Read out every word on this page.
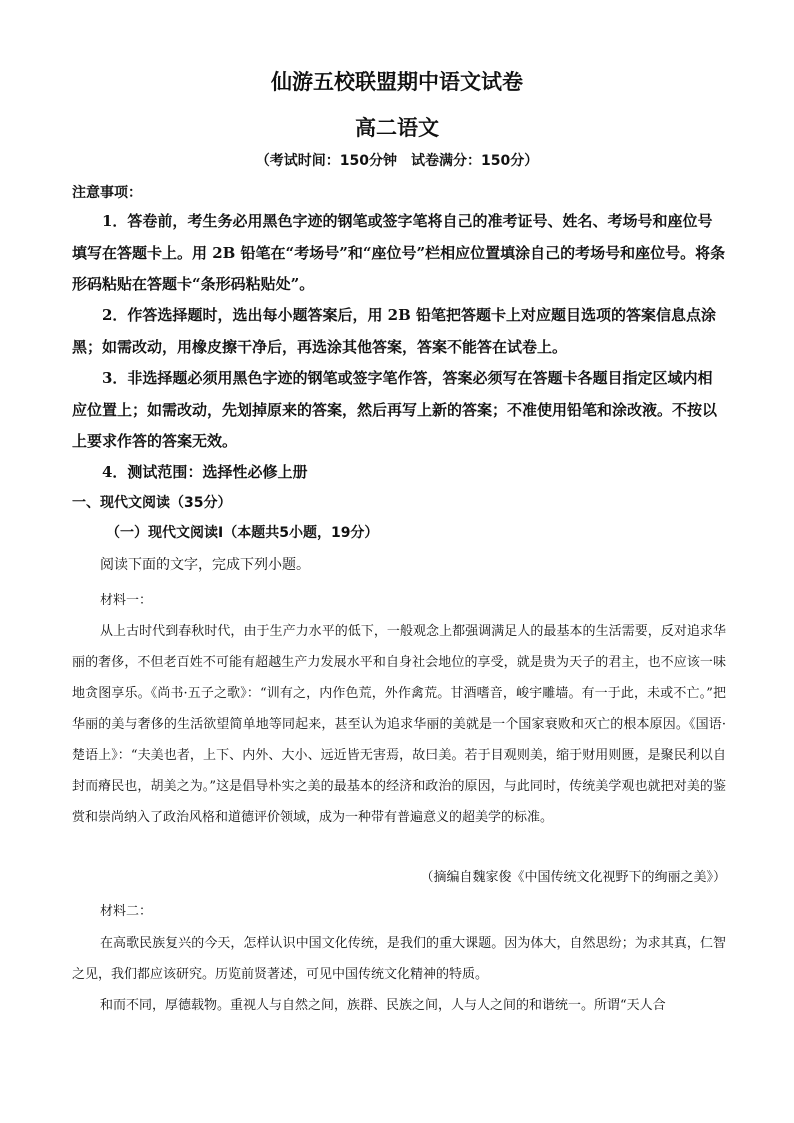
仙游五校联盟期中语文试卷
高二语文
（考试时间：150分钟　试卷满分：150分）
注意事项：

1．答卷前，考生务必用黑色字迹的钢笔或签字笔将自己的准考证号、姓名、考场号和座位号填写在答题卡上。用 2B 铅笔在“考场号”和“座位号”栏相应位置填涂自己的考场号和座位号。将条形码粘贴在答题卡“条形码粘贴处”。

2．作答选择题时，选出每小题答案后，用 2B 铅笔把答题卡上对应题目选项的答案信息点涂黑；如需改动，用橡皮擦干净后，再选涂其他答案，答案不能答在试卷上。

3．非选择题必须用黑色字迹的钢笔或签字笔作答，答案必须写在答题卡各题目指定区域内相应位置上；如需改动，先划掉原来的答案，然后再写上新的答案；不准使用铅笔和涂改液。不按以上要求作答的答案无效。

4．测试范围：选择性必修上册

一、现代文阅读（35分）
（一）现代文阅读Ⅰ（本题共5小题，19分）
阅读下面的文字，完成下列小题。
材料一：

从上古时代到春秋时代，由于生产力水平的低下，一般观念上都强调满足人的最基本的生活需要，反对追求华丽的奢侈，不但老百姓不可能有超越生产力发展水平和自身社会地位的享受，就是贵为天子的君主，也不应该一味地贪图享乐。《尚书·五子之歌》：“训有之，内作色荒，外作禽荒。甘酒嗜音，峻宇雕墙。有一于此，未或不亡。”把华丽的美与奢侈的生活欲望简单地等同起来，甚至认为追求华丽的美就是一个国家衰败和灭亡的根本原因。《国语·楚语上》：“夫美也者，上下、内外、大小、远近皆无害焉，故曰美。若于目观则美，缩于财用则匮，是聚民利以自封而瘠民也，胡美之为。”这是倡导朴实之美的最基本的经济和政治的原因，与此同时，传统美学观也就把对美的鉴赏和崇尚纳入了政治风格和道德评价领域，成为一种带有普遍意义的超美学的标准。

（摘编自魏家俊《中国传统文化视野下的绚丽之美》）
材料二：

在高歌民族复兴的今天，怎样认识中国文化传统，是我们的重大课题。因为体大，自然思纷；为求其真，仁智之见，我们都应该研究。历览前贤著述，可见中国传统文化精神的特质。

和而不同，厚德载物。重视人与自然之间，族群、民族之间，人与人之间的和谐统一。所谓“天人合
